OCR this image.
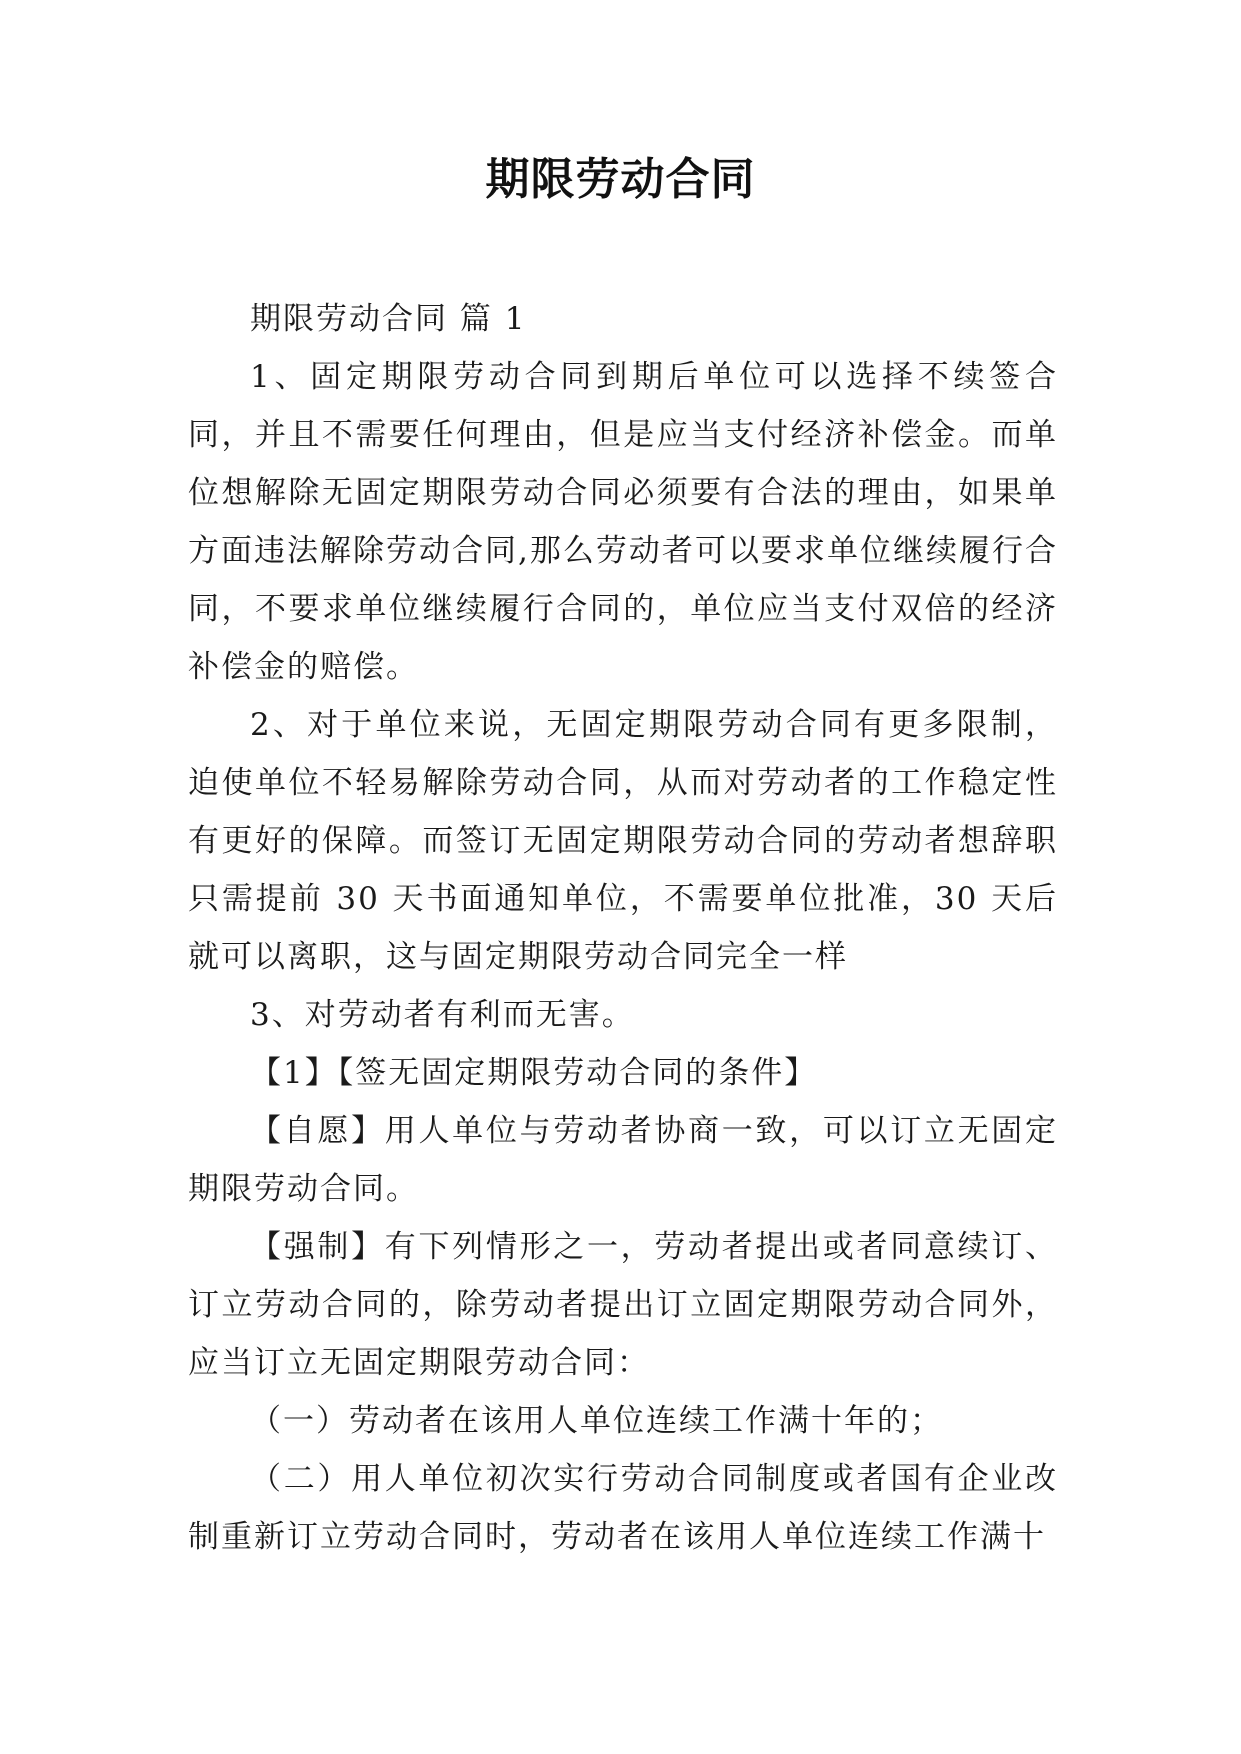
期限劳动合同

期限劳动合同 篇 1

1、固定期限劳动合同到期后单位可以选择不续签合同，并且不需要任何理由，但是应当支付经济补偿金。而单位想解除无固定期限劳动合同必须要有合法的理由，如果单方面违法解除劳动合同,那么劳动者可以要求单位继续履行合同，不要求单位继续履行合同的，单位应当支付双倍的经济补偿金的赔偿。

2、对于单位来说，无固定期限劳动合同有更多限制，迫使单位不轻易解除劳动合同，从而对劳动者的工作稳定性有更好的保障。而签订无固定期限劳动合同的劳动者想辞职只需提前 30 天书面通知单位，不需要单位批准，30 天后就可以离职，这与固定期限劳动合同完全一样

3、对劳动者有利而无害。

【1】【签无固定期限劳动合同的条件】

【自愿】用人单位与劳动者协商一致，可以订立无固定期限劳动合同。

【强制】有下列情形之一，劳动者提出或者同意续订、订立劳动合同的，除劳动者提出订立固定期限劳动合同外，应当订立无固定期限劳动合同：

（一）劳动者在该用人单位连续工作满十年的；

（二）用人单位初次实行劳动合同制度或者国有企业改制重新订立劳动合同时，劳动者在该用人单位连续工作满十
